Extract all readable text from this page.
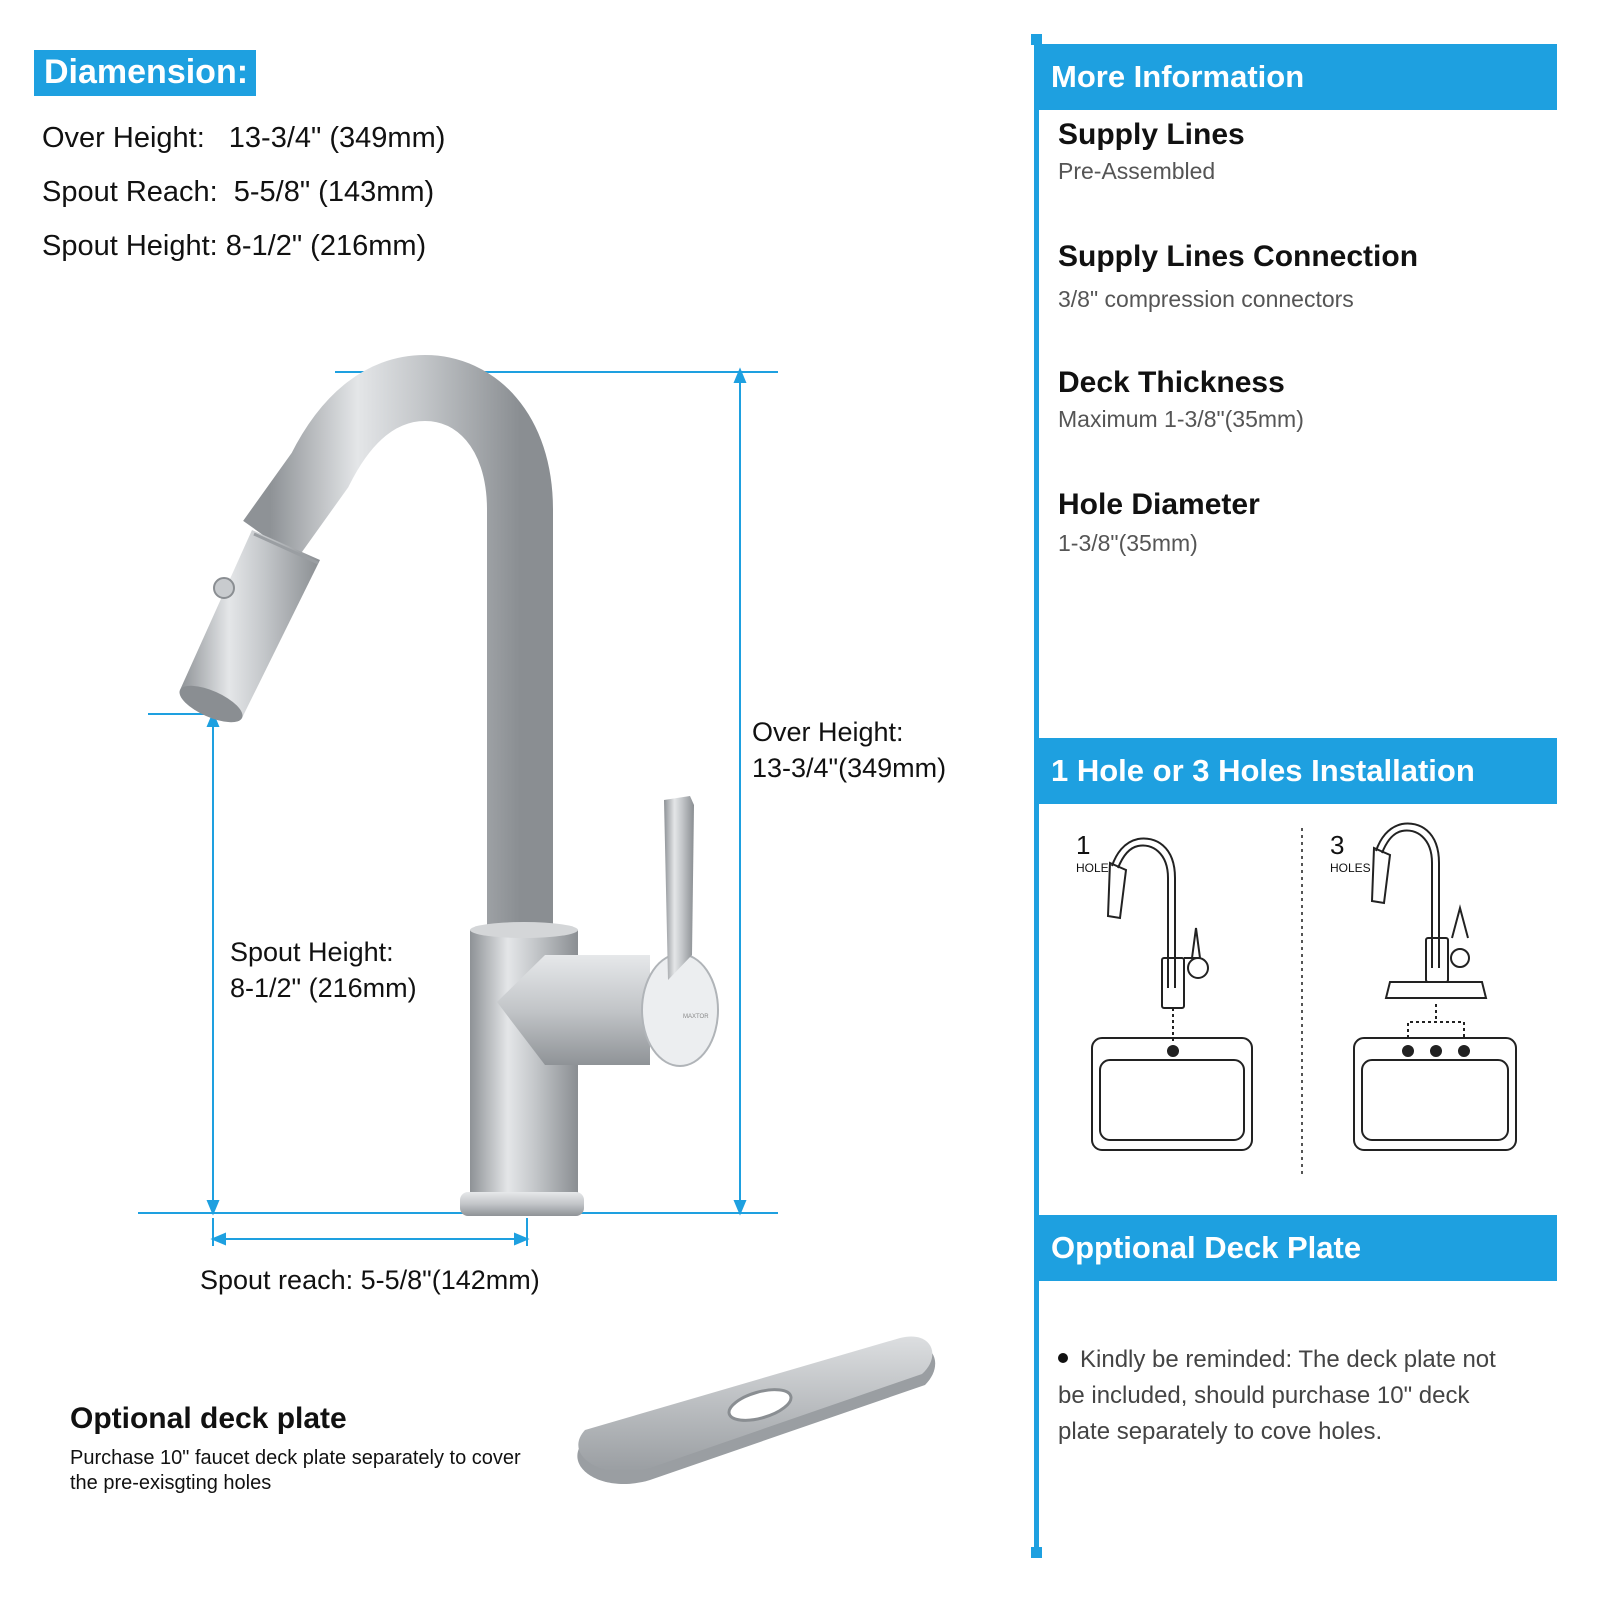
Diamension:
Over Height: 13-3/4" (349mm)
Spout Reach: 5-5/8" (143mm)
Spout Height: 8-1/2" (216mm)
MAXTOR
Over Height:
13-3/4"(349mm)
Spout Height:
8-1/2" (216mm)
Spout reach: 5-5/8"(142mm)
Optional deck plate
Purchase 10" faucet deck plate separately to cover the pre-exisgting holes
More Information
Supply Lines
Pre-Assembled
Supply Lines Connection
3/8" compression connectors
Deck Thickness
Maximum 1-3/8"(35mm)
Hole Diameter
1-3/8"(35mm)
1 Hole or 3 Holes Installation
1
HOLE
3
HOLES
Opptional Deck Plate
Kindly be reminded: The deck plate not be included, should purchase 10" deck plate separately to cove holes.
